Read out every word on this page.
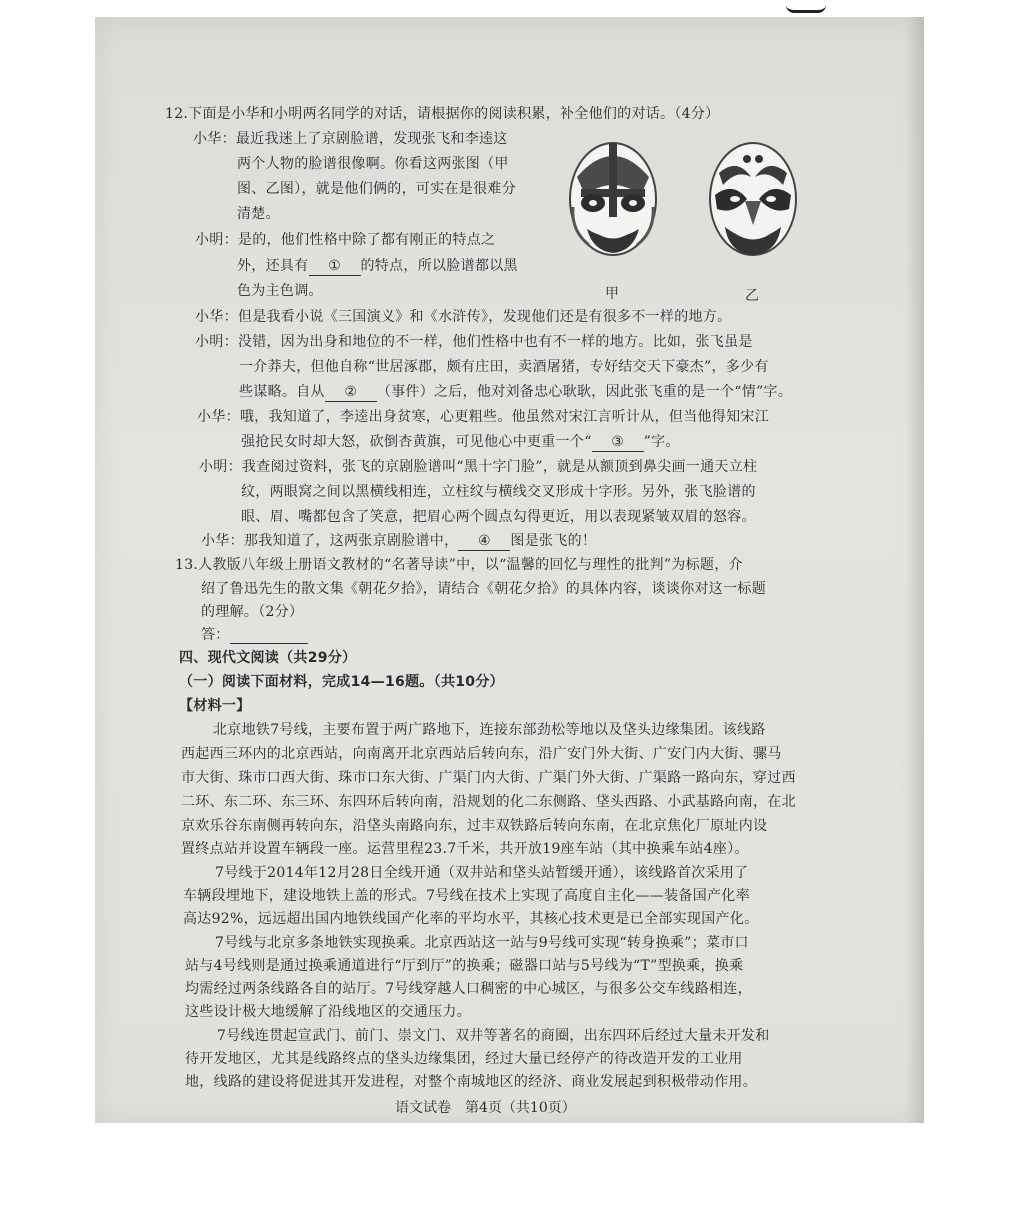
12.下面是小华和小明两名同学的对话，请根据你的阅读积累，补全他们的对话。（4分）
小华：最近我迷上了京剧脸谱，发现张飞和李逵这
两个人物的脸谱很像啊。你看这两张图（甲
图、乙图），就是他们俩的，可实在是很难分
清楚。
小明：是的，他们性格中除了都有刚正的特点之
外，还具有 ① 的特点，所以脸谱都以黑
色为主色调。	甲	乙
小华：但是我看小说《三国演义》和《水浒传》，发现他们还是有很多不一样的地方。
小明：没错，因为出身和地位的不一样，他们性格中也有不一样的地方。比如，张飞虽是
一介莽夫，但他自称“世居涿郡，颇有庄田，卖酒屠猪，专好结交天下豪杰”，多少有
些谋略。自从 ② （事件）之后，他对刘备忠心耿耿，因此张飞重的是一个“情”字。
小华：哦，我知道了，李逵出身贫寒，心更粗些。他虽然对宋江言听计从，但当他得知宋江
强抢民女时却大怒，砍倒杏黄旗，可见他心中更重一个“ ③ ”字。
小明：我查阅过资料，张飞的京剧脸谱叫“黑十字门脸”，就是从额顶到鼻尖画一通天立柱
纹，两眼窝之间以黑横线相连，立柱纹与横线交叉形成十字形。另外，张飞脸谱的
眼、眉、嘴都包含了笑意，把眉心两个圆点勾得更近，用以表现紧皱双眉的怒容。
小华：那我知道了，这两张京剧脸谱中， ④ 图是张飞的！
13.人教版八年级上册语文教材的“名著导读”中，以“温馨的回忆与理性的批判”为标题，介
绍了鲁迅先生的散文集《朝花夕拾》，请结合《朝花夕拾》的具体内容，谈谈你对这一标题
的理解。（2分）
答：
四、现代文阅读（共29分）
（一）阅读下面材料，完成14—16题。（共10分）
【材料一】
北京地铁7号线，主要布置于两广路地下，连接东部劲松等地以及垡头边缘集团。该线路
西起西三环内的北京西站，向南离开北京西站后转向东，沿广安门外大街、广安门内大街、骡马
市大街、珠市口西大街、珠市口东大街、广渠门内大街、广渠门外大街、广渠路一路向东，穿过西
二环、东二环、东三环、东四环后转向南，沿规划的化二东侧路、垡头西路、小武基路向南，在北
京欢乐谷东南侧再转向东，沿垡头南路向东，过丰双铁路后转向东南，在北京焦化厂原址内设
置终点站并设置车辆段一座。运营里程23.7千米，共开放19座车站（其中换乘车站4座）。
7号线于2014年12月28日全线开通（双井站和垡头站暂缓开通），该线路首次采用了
车辆段埋地下，建设地铁上盖的形式。7号线在技术上实现了高度自主化——装备国产化率
高达92%，远远超出国内地铁线国产化率的平均水平，其核心技术更是已全部实现国产化。
7号线与北京多条地铁实现换乘。北京西站这一站与9号线可实现“转身换乘”；菜市口
站与4号线则是通过换乘通道进行“厅到厅”的换乘；磁器口站与5号线为“T”型换乘，换乘
均需经过两条线路各自的站厅。7号线穿越人口稠密的中心城区，与很多公交车线路相连，
这些设计极大地缓解了沿线地区的交通压力。
7号线连贯起宣武门、前门、崇文门、双井等著名的商圈，出东四环后经过大量未开发和
待开发地区，尤其是线路终点的垡头边缘集团，经过大量已经停产的待改造开发的工业用
地，线路的建设将促进其开发进程，对整个南城地区的经济、商业发展起到积极带动作用。
语文试卷　第4页（共10页）
